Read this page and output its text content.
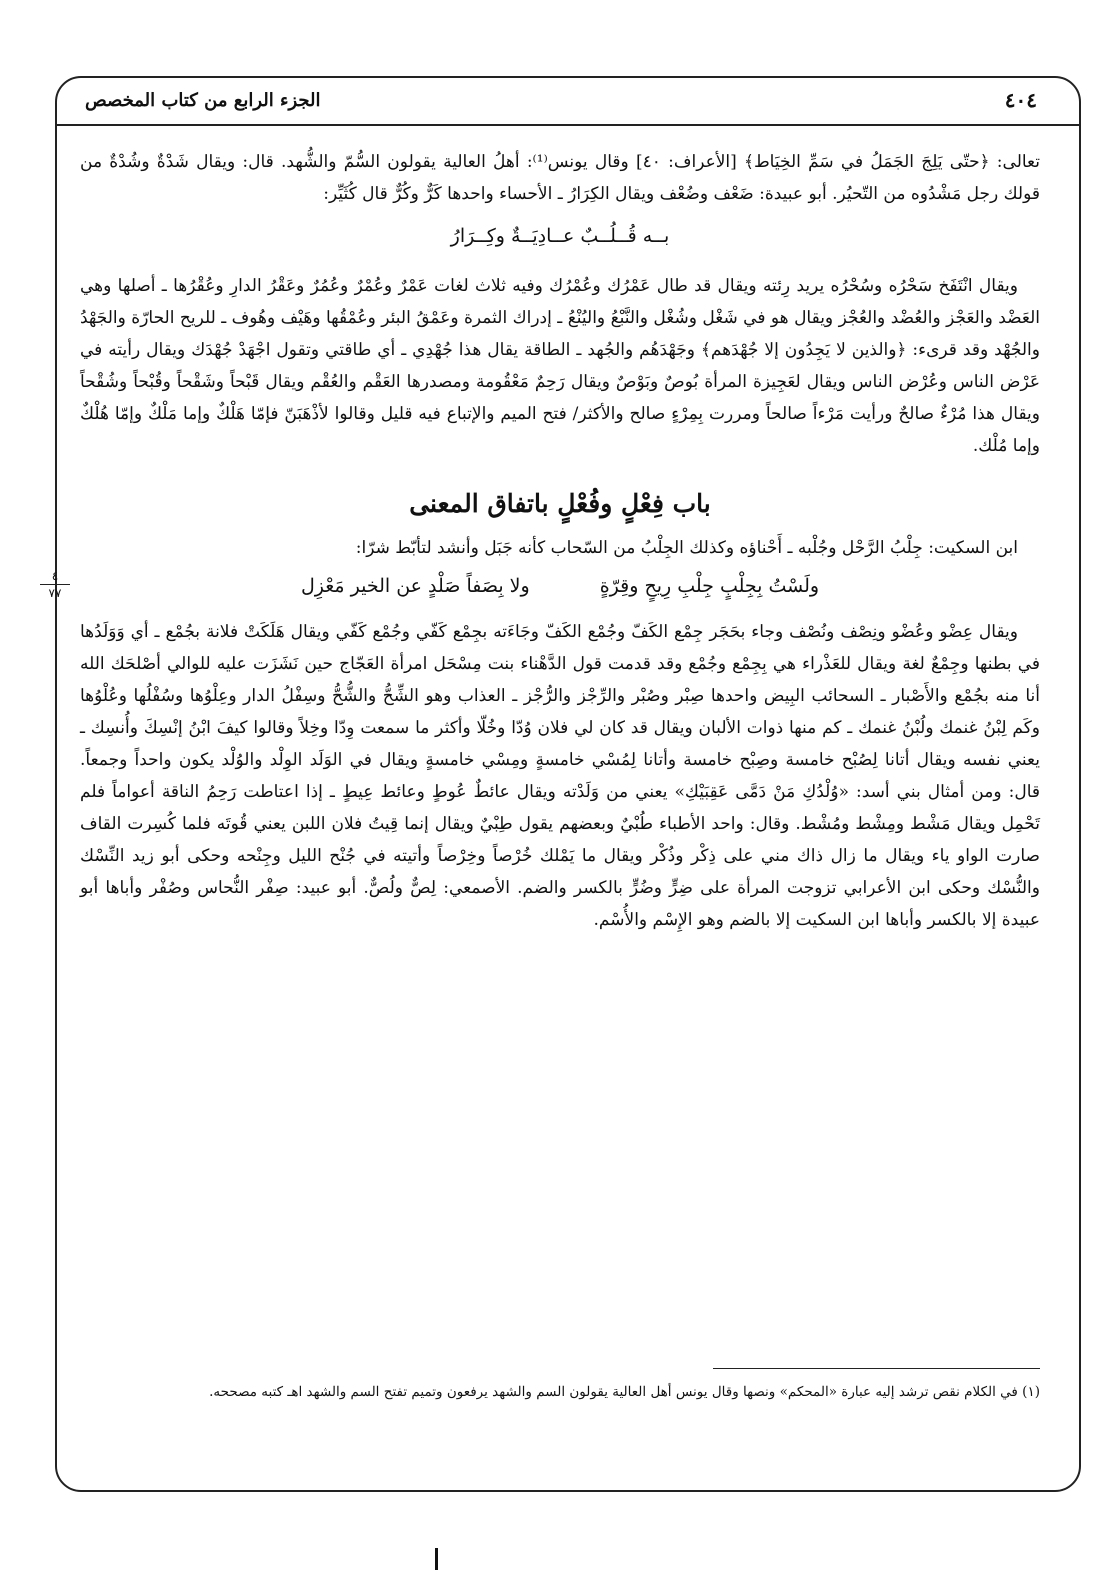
الجزء الرابع من كتاب المخصص	٤٠٤
٤
٧٧

تعالى: ﴿حتّى يَلِجَ الجَمَلُ في سَمِّ الخِيَاط﴾ [الأعراف: ٤٠] وقال يونس⁽¹⁾: أهلُ العالية يقولون السُّمّ والشُّهد. قال: ويقال شَدْةٌ وشُدْةٌ من قولك رجل مَشْدُوه من التّحيُر. أبو عبيدة: ضَعْف وضُعْف ويقال الكِرَارُ ـ الأحساء واحدها كَرٌّ وكُرٌّ قال كُثَيِّر:

بــه قُــلُــبٌ عــادِيَــةٌ وكِــرَارُ

ويقال انْتَفَخ سَحْرُه وسُحْرُه يريد رِئته ويقال قد طال عَمْرُك وعُمْرُك وفيه ثلاث لغات عَمْرٌ وعُمْرٌ وعُمُرٌ وعَقْرُ الدارِ وعُقْرُها ـ أصلها وهي العَضْد والعَجْز والعُضْد والعُجْز ويقال هو في شَغْل وشُغْل والنَّبْعُ واليُنْعُ ـ إدراك الثمرة وعَمْقُ البئر وعُمْقُها وهَيْف وهُوف ـ للريح الحارّة والجَهْدُ والجُهْد وقد قرىء: ﴿والذين لا يَجِدُون إلا جُهْدَهم﴾ وجَهْدَهُم والجُهد ـ الطاقة يقال هذا جُهْدِي ـ أي طاقتي وتقول اجْهَدْ جُهْدَك ويقال رأيته في عَرْض الناس وعُرْض الناس ويقال لعَجِيزة المرأة بُوصٌ وبَوْصٌ ويقال رَحِمٌ مَعْقُومة ومصدرها العَقْم والعُقْم ويقال قَبْحاً وشَقْحاً وقُبْحاً وشُقْحاً ويقال هذا مُرْءٌ صالحٌ ورأيت مَرْءاً صالحاً ومررت بِمِرْءٍ صالح والأكثر/ فتح الميم والإتباع فيه قليل وقالوا لأذْهَبَنّ فإمّا هَلْكٌ وإما مَلْكٌ وإمّا هُلْكٌ وإما مُلْك.

باب فِعْلٍ وفُعْلٍ باتفاق المعنى

ابن السكيت: جِلْبُ الرَّحْل وجُلْبه ـ أَحْناؤه وكذلك الجِلْبُ من السّحاب كأنه جَبَل وأنشد لتأبّط شرّا:

ولَسْتُ بِجِلْبٍ جِلْبِ رِيحٍ وقِرّةٍ
ولا بِصَفاً صَلْدٍ عن الخير مَعْزِل

ويقال عِضْو وعُضْو ونِصْف ونُصْف وجاء بحَجَر جِمْع الكَفّ وجُمْع الكَفّ وجَاءَته بجِمْع كَفّي وجُمْع كَفّي ويقال هَلَكَتْ فلانة بجُمْع ـ أي وَوَلَدُها في بطنها وجِمْعٌ لغة ويقال للعَذْراء هي بِجِمْع وجُمْع وقد قدمت قول الدَّهْناء بنت مِسْحَل امرأة العَجّاج حين نَشَزَت عليه للوالي أصْلحَك الله أنا منه بجُمْع والأَصْبار ـ السحائب البِيض واحدها صِبْر وصُبْر والرِّجْز والرُّجْز ـ العذاب وهو الشِّحُّ والشُّحُّ وسِفْلُ الدار وعِلْوُها وسُفْلُها وعُلْوُها وكَم لِبْنُ غنمك ولُبْنُ غنمك ـ كم منها ذوات الألبان ويقال قد كان لي فلان وُدّا وخُلّا وأكثر ما سمعت وِدّا وخِلاً وقالوا كيفَ ابْنُ إنْسِكَ وأُنسِك ـ يعني نفسه ويقال أتانا لِصُبْح خامسة وصِبْح خامسة وأتانا لِمُسْي خامسةٍ ومِسْي خامسةٍ ويقال في الوَلَد الوِلْد والوُلْد يكون واحداً وجمعاً. قال: ومن أمثال بني أسد: «وُلْدُكِ مَنْ دَمَّى عَقِبَيْكِ» يعني من وَلَدْته ويقال عائطٌ عُوطٍ وعائط عِيطٍ ـ إذا اعتاطت رَحِمُ الناقة أعواماً فلم تَحْمِل ويقال مَشْط ومِشْط ومُشْط. وقال: واحد الأطباء طُبْيٌ وبعضهم يقول طِبْيٌ ويقال إنما قِيتُ فلان اللبن يعني قُوتَه فلما كُسِرت القاف صارت الواو ياء ويقال ما زال ذاك مني على ذِكْر وذُكْر ويقال ما يَمْلك خُرْصاً وخِرْصاً وأتيته في جُنْح الليل وجِنْحه وحكى أبو زيد النِّسْك والنُّسْك وحكى ابن الأعرابي تزوجت المرأة على ضِرٍّ وضُرٍّ بالكسر والضم. الأصمعي: لِصٌّ ولُصٌّ. أبو عبيد: صِفْر النُّحاس وصُفْر وأباها أبو عبيدة إلا بالكسر وأباها ابن السكيت إلا بالضم وهو الإِسْم والأُسْم.

(١) في الكلام نقص ترشد إليه عبارة «المحكم» ونصها وقال يونس أهل العالية يقولون السم والشهد يرفعون وتميم تفتح السم والشهد اهـ كتبه مصححه.
